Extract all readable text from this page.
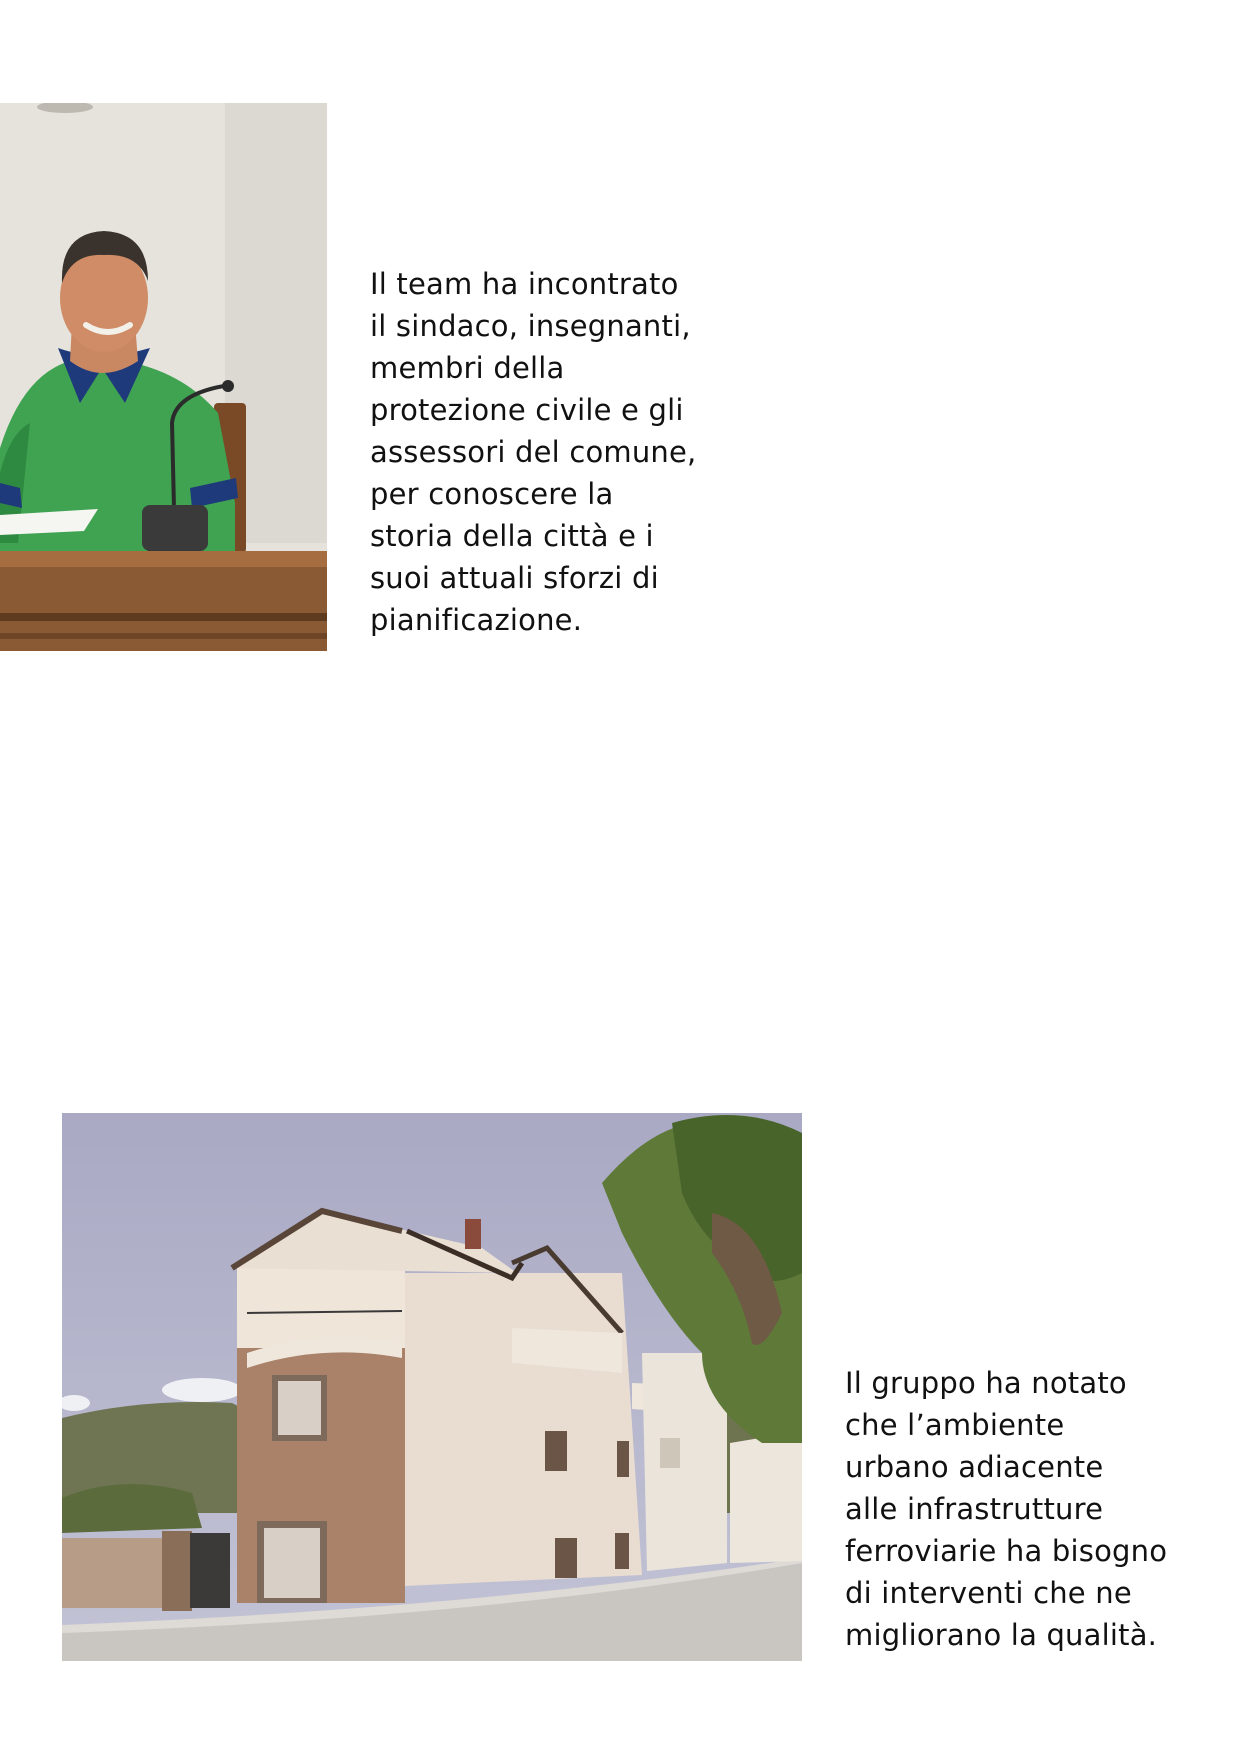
Il team ha incontrato
il sindaco, insegnanti,
membri della
protezione civile e gli
assessori del comune,
per conoscere la
storia della città e i
suoi attuali sforzi di
pianificazione.

Il gruppo ha notato
che l’ambiente
urbano adiacente
alle infrastrutture
ferroviarie ha bisogno
di interventi che ne
migliorano la qualità.
